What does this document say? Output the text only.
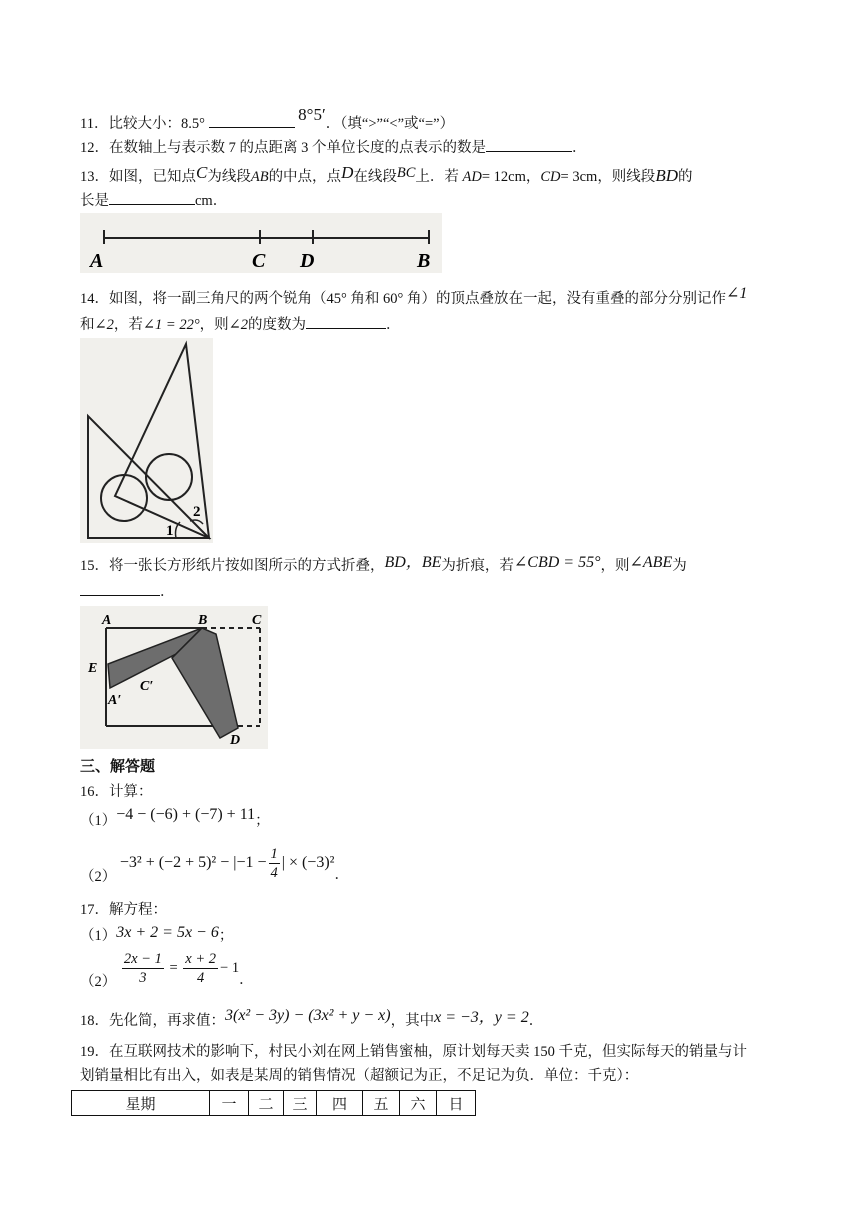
11．比较大小：8.5°	8°5′．（填“>”“<”或“=”）
12．在数轴上与表示数 7 的点距离 3 个单位长度的点表示的数是	．
13．如图，已知点C为线段AB的中点，点D在线段BC上．若 AD= 12cm，CD= 3cm，则线段BD的
长是	cm．
A	C D	B
14．如图，将一副三角尺的两个锐角（45° 角和 60° 角）的顶点叠放在一起，没有重叠的部分分别记作∠1
和∠2，若∠1 = 22°，则∠2的度数为	．
1
2
15．将一张长方形纸片按如图所示的方式折叠，BD，BE为折痕，若∠CBD = 55°，则∠ABE为
．
A	B	C
E
A′
C′
D
三、解答题
16．计算：
（1）−4 − (−6) + (−7) + 11；
$(2) -3^2 + (-2 + 5)^2 - |-1 - \frac{1}{4}$ | × (−3)²．
17．解方程：
（1）3x + 2 = 5x − 6；
$(2) \frac{2x - 1}{3} = \frac{x + 2}{4} - 1$．
18．先化简，再求值：3(x² − 3y) − (3x² + y − x)，其中x = −3，y = 2．
19．在互联网技术的影响下，村民小刘在网上销售蜜柚，原计划每天卖 150 千克，但实际每天的销量与计
划销量相比有出入，如表是某周的销售情况（超额记为正，不足记为负．单位：千克）：
星期	一	二	三	四	五	六	日
